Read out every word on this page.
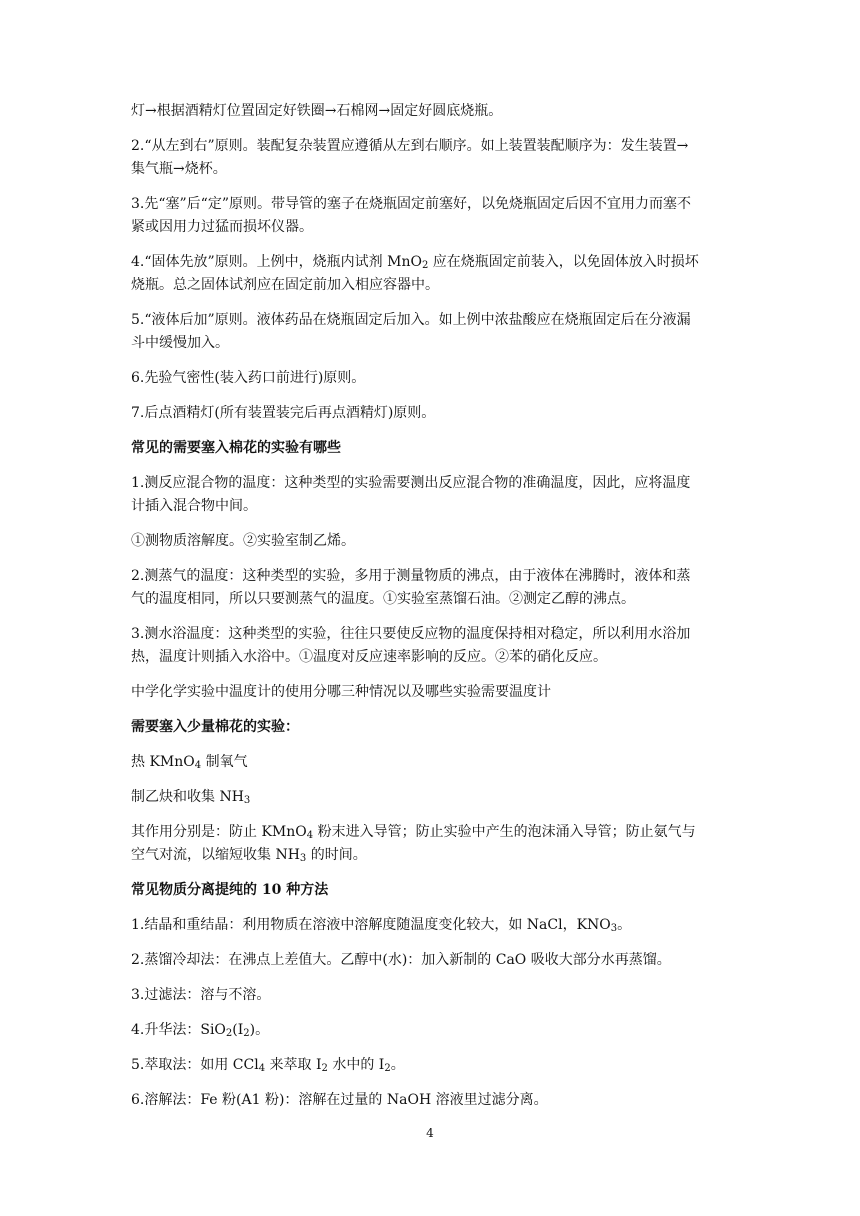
灯→根据酒精灯位置固定好铁圈→石棉网→固定好圆底烧瓶。

2.“从左到右”原则。装配复杂装置应遵循从左到右顺序。如上装置装配顺序为：发生装置→

集气瓶→烧杯。

3.先“塞”后“定”原则。带导管的塞子在烧瓶固定前塞好，以免烧瓶固定后因不宜用力而塞不

紧或因用力过猛而损坏仪器。

4.“固体先放”原则。上例中，烧瓶内试剂 MnO$_2$ 应在烧瓶固定前装入，以免固体放入时损坏

烧瓶。总之固体试剂应在固定前加入相应容器中。

5.“液体后加”原则。液体药品在烧瓶固定后加入。如上例中浓盐酸应在烧瓶固定后在分液漏

斗中缓慢加入。

6.先验气密性(装入药口前进行)原则。

7.后点酒精灯(所有装置装完后再点酒精灯)原则。

常见的需要塞入棉花的实验有哪些

1.测反应混合物的温度：这种类型的实验需要测出反应混合物的准确温度，因此，应将温度

计插入混合物中间。

①测物质溶解度。②实验室制乙烯。

2.测蒸气的温度：这种类型的实验，多用于测量物质的沸点，由于液体在沸腾时，液体和蒸

气的温度相同，所以只要测蒸气的温度。①实验室蒸馏石油。②测定乙醇的沸点。

3.测水浴温度：这种类型的实验，往往只要使反应物的温度保持相对稳定，所以利用水浴加

热，温度计则插入水浴中。①温度对反应速率影响的反应。②苯的硝化反应。

中学化学实验中温度计的使用分哪三种情况以及哪些实验需要温度计

需要塞入少量棉花的实验：

热 KMnO$_4$ 制氧气

制乙炔和收集 $NH_3$

其作用分别是：防止 KMnO$_4$ 粉末进入导管；防止实验中产生的泡沫涌入导管；防止氨气与

空气对流，以缩短收集 $NH_3$ 的时间。

常见物质分离提纯的 10 种方法

1.结晶和重结晶：利用物质在溶液中溶解度随温度变化较大，如 NaCl，$KNO_3$。

2.蒸馏冷却法：在沸点上差值大。乙醇中(水)：加入新制的 CaO 吸收大部分水再蒸馏。

3.过滤法：溶与不溶。

4.升华法：$SiO_2(I_2)$。

5.萃取法：如用 CCl$_4$ 来萃取 $I_2$ 水中的 $I_2$。

6.溶解法：Fe 粉(A1 粉)：溶解在过量的 NaOH 溶液里过滤分离。

4
